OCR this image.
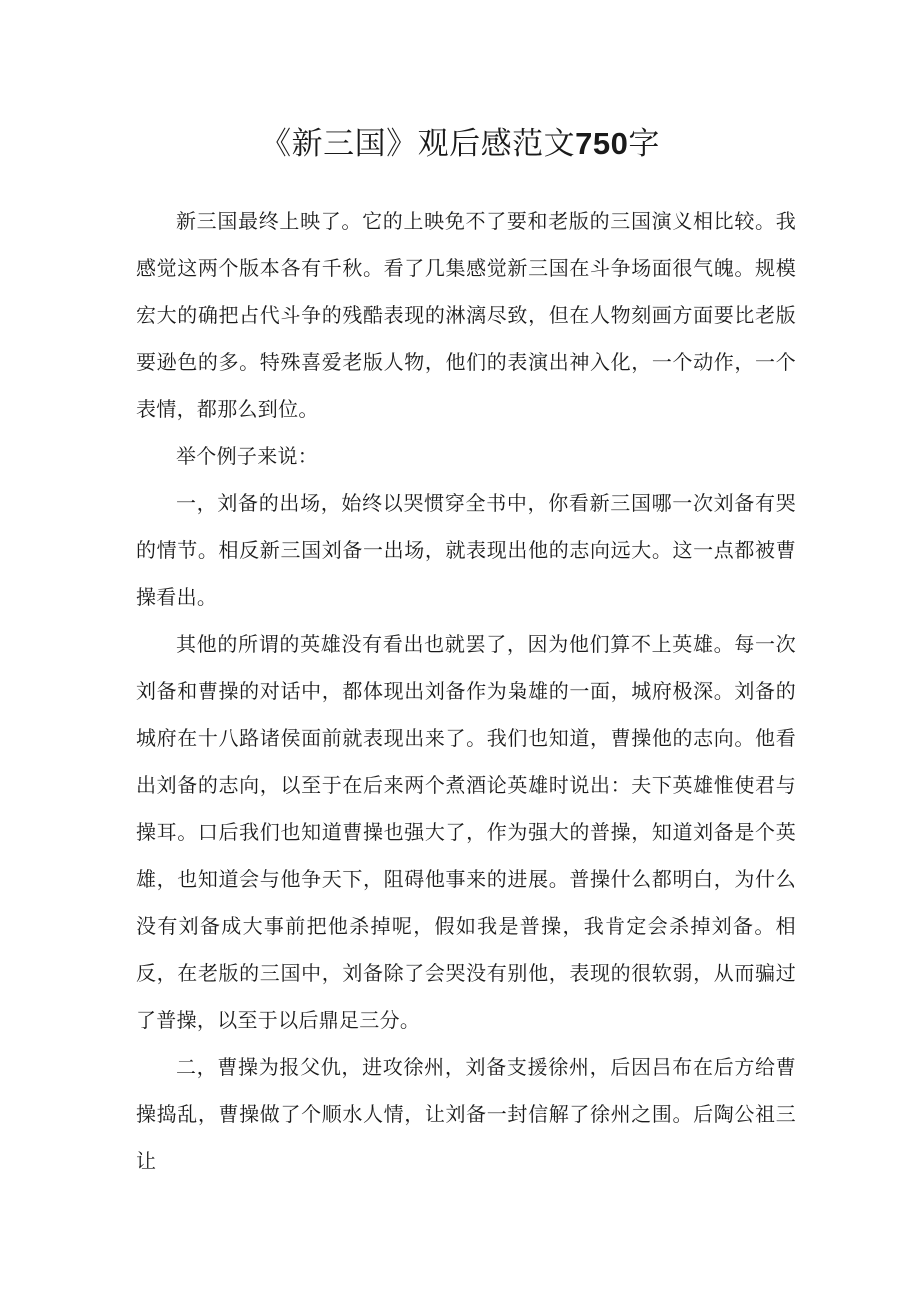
《新三国》观后感范文750字

新三国最终上映了。它的上映免不了要和老版的三国演义相比较。我感觉这两个版本各有千秋。看了几集感觉新三国在斗争场面很气魄。规模宏大的确把占代斗争的残酷表现的淋漓尽致，但在人物刻画方面要比老版要逊色的多。特殊喜爱老版人物，他们的表演出神入化，一个动作，一个表情，都那么到位。

举个例子来说：

一，刘备的出场，始终以哭惯穿全书中，你看新三国哪一次刘备有哭的情节。相反新三国刘备一出场，就表现出他的志向远大。这一点都被曹操看出。

其他的所谓的英雄没有看出也就罢了，因为他们算不上英雄。每一次刘备和曹操的对话中，都体现出刘备作为枭雄的一面，城府极深。刘备的城府在十八路诸侯面前就表现出来了。我们也知道，曹操他的志向。他看出刘备的志向，以至于在后来两个煮酒论英雄时说出：夫下英雄惟使君与操耳。口后我们也知道曹操也强大了，作为强大的普操，知道刘备是个英雄，也知道会与他争天下，阻碍他事来的进展。普操什么都明白，为什么没有刘备成大事前把他杀掉呢，假如我是普操，我肯定会杀掉刘备。相反，在老版的三国中，刘备除了会哭没有别他，表现的很软弱，从而骗过了普操，以至于以后鼎足三分。

二，曹操为报父仇，进攻徐州，刘备支援徐州，后因吕布在后方给曹操捣乱，曹操做了个顺水人情，让刘备一封信解了徐州之围。后陶公祖三让
